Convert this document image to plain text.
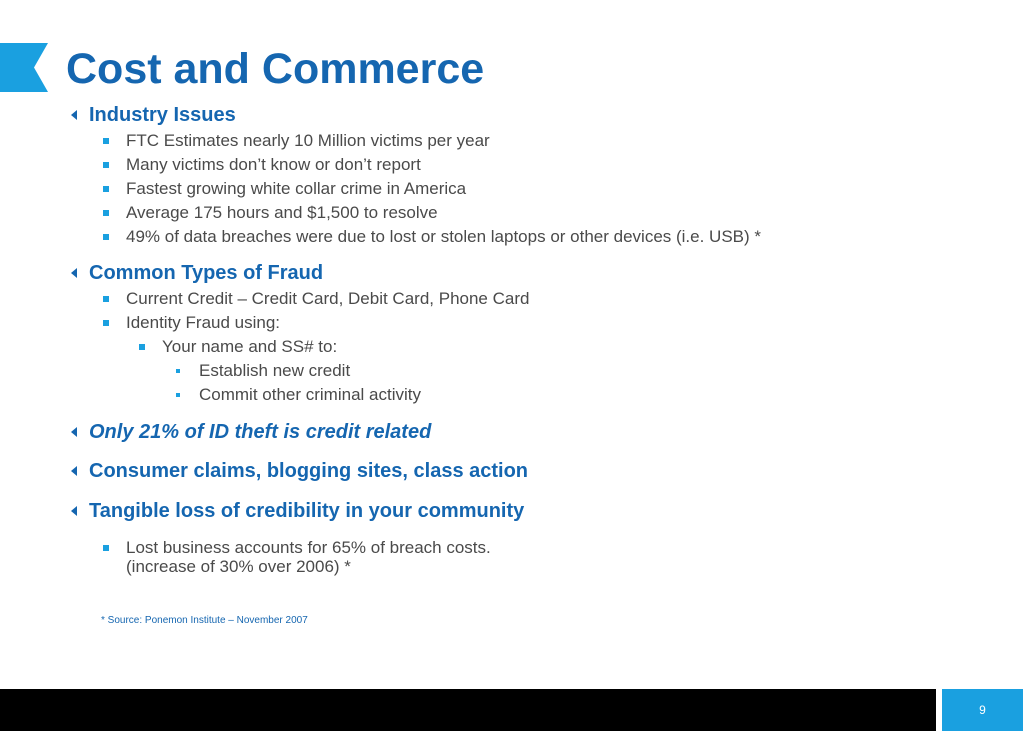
Cost and Commerce
Industry Issues
FTC Estimates nearly 10 Million victims per year
Many victims don’t know or don’t report
Fastest growing white collar crime in America
Average 175 hours and $1,500 to resolve
49% of data breaches were due to lost or stolen laptops or other devices (i.e. USB) *
Common Types of Fraud
Current Credit – Credit Card, Debit Card, Phone Card
Identity Fraud using:
Your name and SS# to:
Establish new credit
Commit other criminal activity
Only 21% of ID theft is credit related
Consumer claims, blogging sites, class action
Tangible loss of credibility in your community
Lost business accounts for 65% of breach costs.
(increase of 30% over 2006) *
* Source: Ponemon Institute – November 2007
9
